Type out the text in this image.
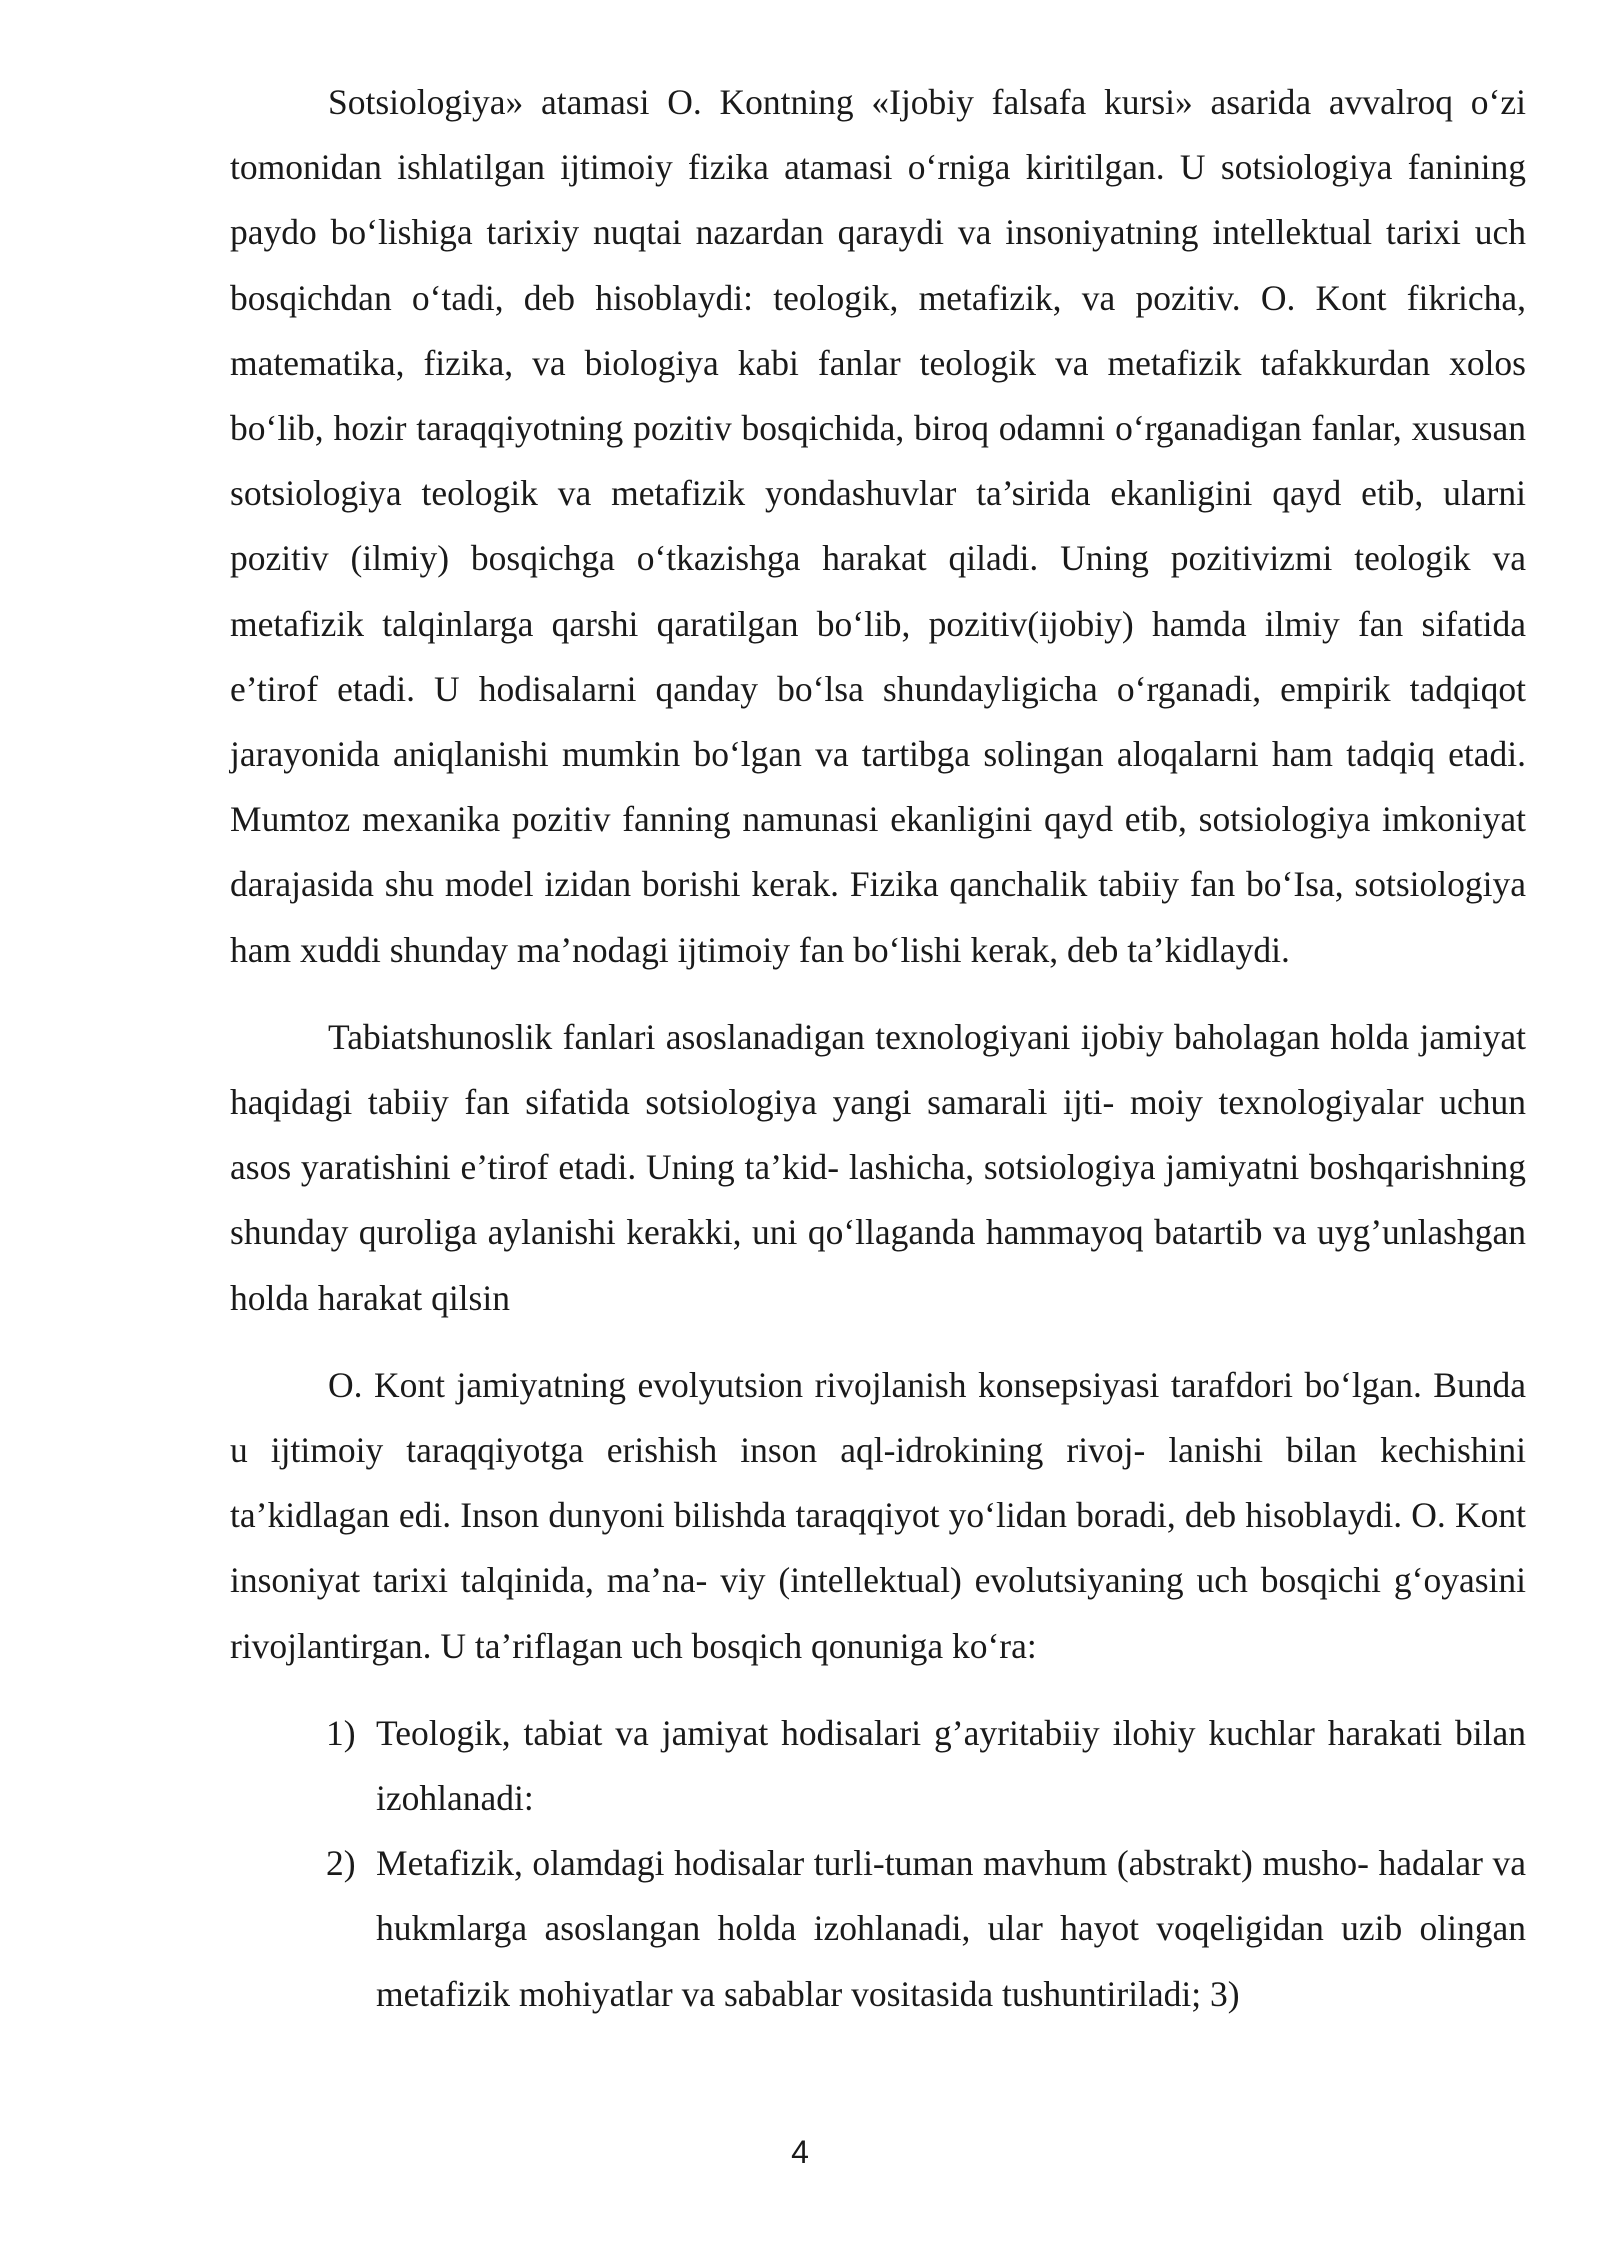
Sotsiologiya» atamasi O. Kontning «Ijobiy falsafa kursi» asarida avvalroq o‘zi tomonidan ishlatilgan ijtimoiy fizika atamasi o‘rniga kiritilgan. U sotsiologiya fanining paydo bo‘lishiga tarixiy nuqtai nazardan qaraydi va insoniyatning intellektual tarixi uch bosqichdan o‘tadi, deb hisoblaydi: teologik, metafizik, va pozitiv. O. Kont fikricha, matematika, fizika, va biologiya kabi fanlar teologik va metafizik tafakkurdan xolos bo‘lib, hozir taraqqiyotning pozitiv bosqichida, biroq odamni o‘rganadigan fanlar, xususan sotsiologiya teologik va metafizik yondashuvlar ta’sirida ekanligini qayd etib, ularni pozitiv (ilmiy) bosqichga o‘tkazishga harakat qiladi. Uning pozitivizmi teologik va metafizik talqinlarga qarshi qaratilgan bo‘lib, pozitiv(ijobiy) hamda ilmiy fan sifatida e’tirof etadi. U hodisalarni qanday bo‘lsa shundayligicha o‘rganadi, empirik tadqiqot jarayonida aniqlanishi mumkin bo‘lgan va tartibga solingan aloqalarni ham tadqiq etadi. Mumtoz mexanika pozitiv fanning namunasi ekanligini qayd etib, sotsiologiya imkoniyat darajasida shu model izidan borishi kerak. Fizika qanchalik tabiiy fan bo‘Isa, sotsiologiya ham xuddi shunday ma’nodagi ijtimoiy fan bo‘lishi kerak, deb ta’kidlaydi.

Tabiatshunoslik fanlari asoslanadigan texnologiyani ijobiy baholagan holda jamiyat haqidagi tabiiy fan sifatida sotsiologiya yangi samarali ijti- moiy texnologiyalar uchun asos yaratishini e’tirof etadi. Uning ta’kid- lashicha, sotsiologiya jamiyatni boshqarishning shunday quroliga aylanishi kerakki, uni qo‘llaganda hammayoq batartib va uyg’unlashgan holda harakat qilsin

O. Kont jamiyatning evolyutsion rivojlanish konsepsiyasi tarafdori bo‘lgan. Bunda u ijtimoiy taraqqiyotga erishish inson aql-idrokining rivoj- lanishi bilan kechishini ta’kidlagan edi. Inson dunyoni bilishda taraqqiyot yo‘lidan boradi, deb hisoblaydi. O. Kont insoniyat tarixi talqinida, ma’na- viy (intellektual) evolutsiyaning uch bosqichi g‘oyasini rivojlantirgan. U ta’riflagan uch bosqich qonuniga ko‘ra:

1) Teologik, tabiat va jamiyat hodisalari g’ayritabiiy ilohiy kuchlar harakati bilan izohlanadi:
2) Metafizik, olamdagi hodisalar turli-tuman mavhum (abstrakt) musho- hadalar va hukmlarga asoslangan holda izohlanadi, ular hayot voqeligidan uzib olingan metafizik mohiyatlar va sabablar vositasida tushuntiriladi; 3)
4
